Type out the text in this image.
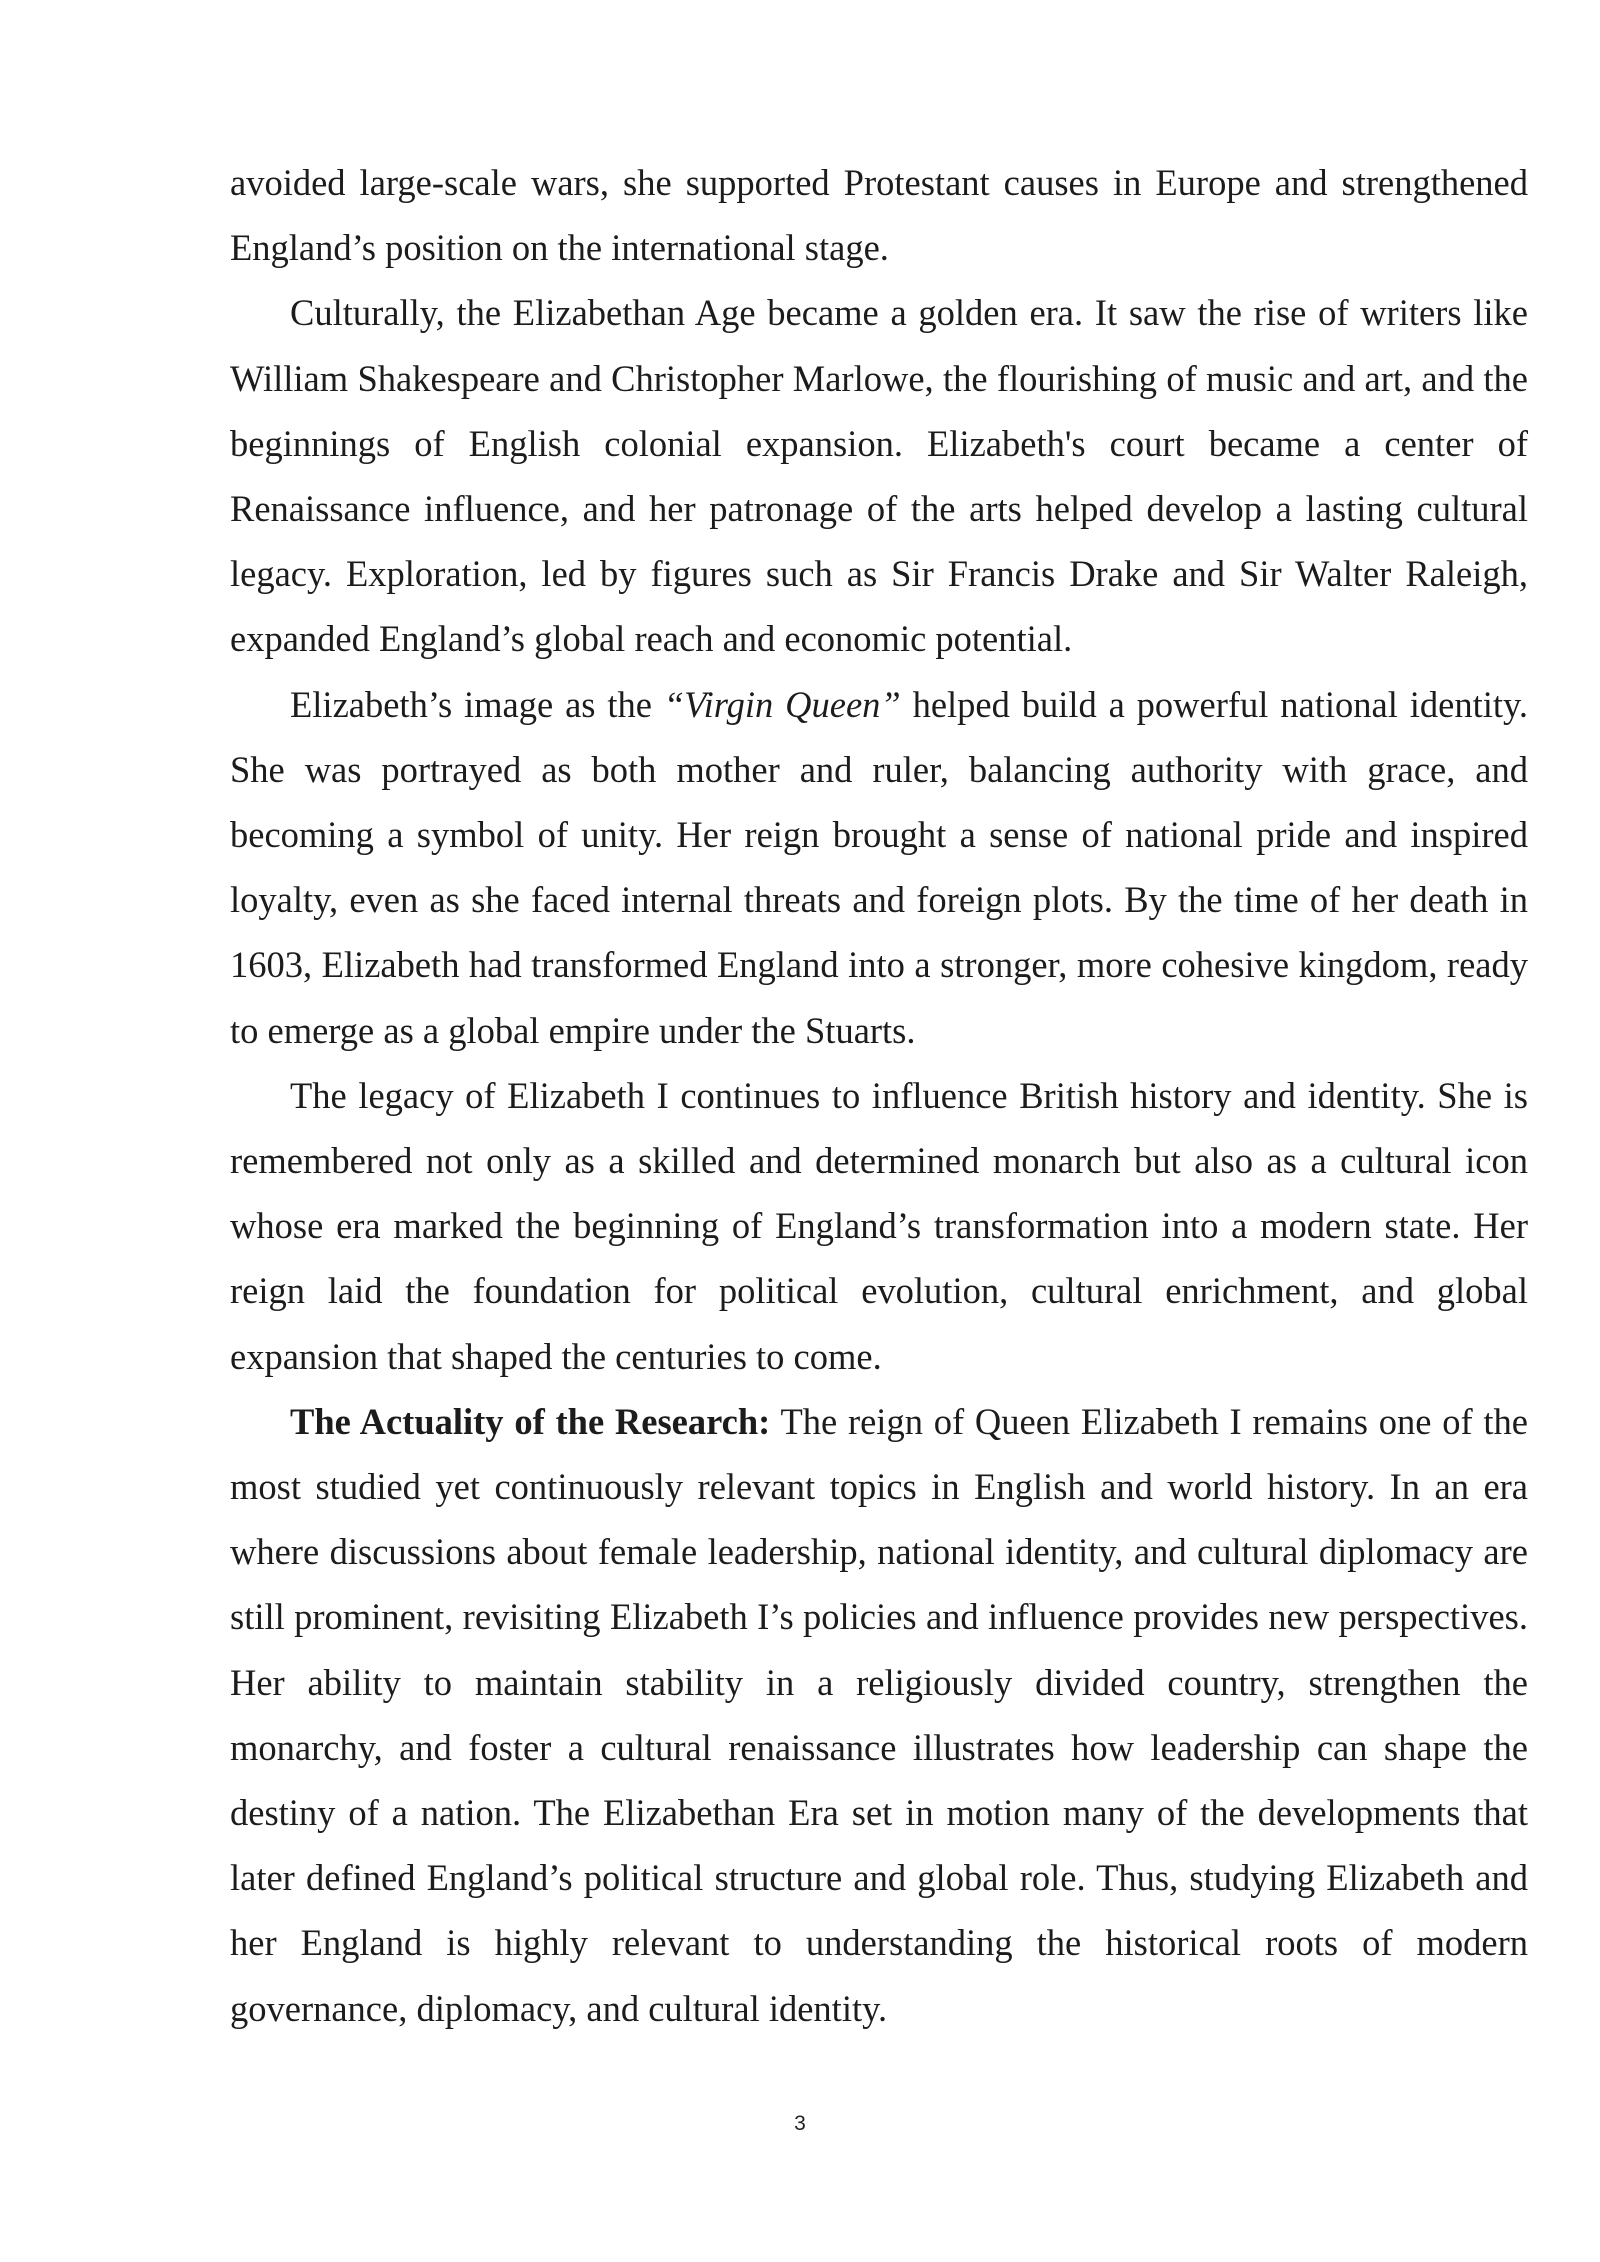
avoided large-scale wars, she supported Protestant causes in Europe and strengthened England’s position on the international stage.

Culturally, the Elizabethan Age became a golden era. It saw the rise of writers like William Shakespeare and Christopher Marlowe, the flourishing of music and art, and the beginnings of English colonial expansion. Elizabeth's court became a center of Renaissance influence, and her patronage of the arts helped develop a lasting cultural legacy. Exploration, led by figures such as Sir Francis Drake and Sir Walter Raleigh, expanded England’s global reach and economic potential.

Elizabeth’s image as the “Virgin Queen” helped build a powerful national identity. She was portrayed as both mother and ruler, balancing authority with grace, and becoming a symbol of unity. Her reign brought a sense of national pride and inspired loyalty, even as she faced internal threats and foreign plots. By the time of her death in 1603, Elizabeth had transformed England into a stronger, more cohesive kingdom, ready to emerge as a global empire under the Stuarts.

The legacy of Elizabeth I continues to influence British history and identity. She is remembered not only as a skilled and determined monarch but also as a cultural icon whose era marked the beginning of England’s transformation into a modern state. Her reign laid the foundation for political evolution, cultural enrichment, and global expansion that shaped the centuries to come.

The Actuality of the Research: The reign of Queen Elizabeth I remains one of the most studied yet continuously relevant topics in English and world history. In an era where discussions about female leadership, national identity, and cultural diplomacy are still prominent, revisiting Elizabeth I’s policies and influence provides new perspectives. Her ability to maintain stability in a religiously divided country, strengthen the monarchy, and foster a cultural renaissance illustrates how leadership can shape the destiny of a nation. The Elizabethan Era set in motion many of the developments that later defined England’s political structure and global role. Thus, studying Elizabeth and her England is highly relevant to understanding the historical roots of modern governance, diplomacy, and cultural identity.

3
